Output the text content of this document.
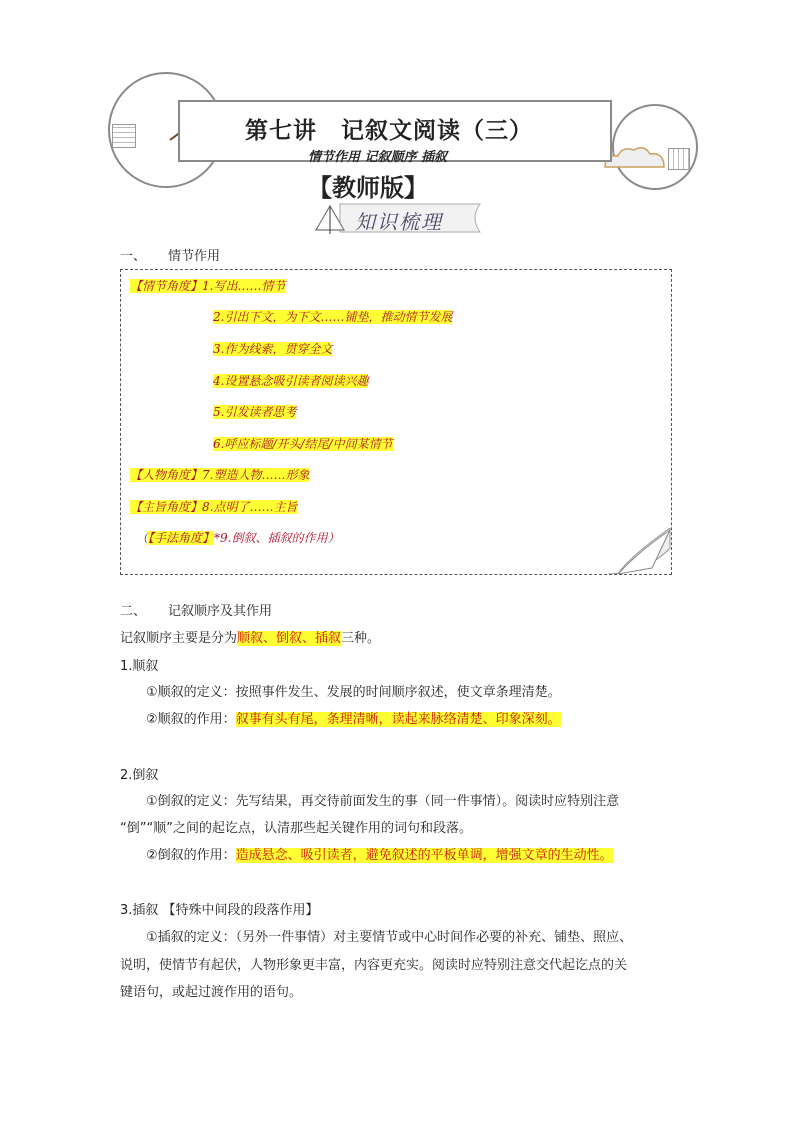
第七讲　记叙文阅读（三）
情节作用 记叙顺序 插叙
【教师版】
知识梳理
一、 情节作用
【情节角度】1.写出……情节
2.引出下文，为下文……铺垫，推动情节发展
3.作为线索，贯穿全文
4.设置悬念吸引读者阅读兴趣
5.引发读者思考
6.呼应标题/开头/结尾/中间某情节
【人物角度】7.塑造人物……形象
【主旨角度】8.点明了……主旨
（【手法角度】*9.倒叙、插叙的作用）
二、 记叙顺序及其作用
记叙顺序主要是分为顺叙、倒叙、插叙三种。
1.顺叙
①顺叙的定义：按照事件发生、发展的时间顺序叙述，使文章条理清楚。
②顺叙的作用：叙事有头有尾，条理清晰，读起来脉络清楚、印象深刻。
2.倒叙
①倒叙的定义：先写结果，再交待前面发生的事（同一件事情）。阅读时应特别注意
“倒”“顺”之间的起讫点，认清那些起关键作用的词句和段落。
②倒叙的作用：造成悬念、吸引读者，避免叙述的平板单调，增强文章的生动性。
3.插叙 【特殊中间段的段落作用】
①插叙的定义：（另外一件事情）对主要情节或中心时间作必要的补充、铺垫、照应、
说明，使情节有起伏，人物形象更丰富，内容更充实。阅读时应特别注意交代起讫点的关
键语句，或起过渡作用的语句。
